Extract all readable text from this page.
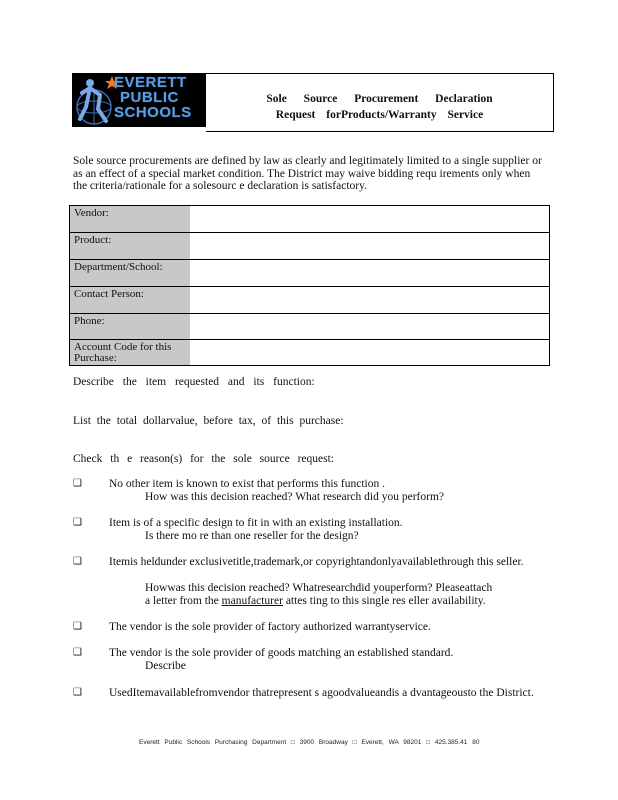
EVERETT
PUBLIC
SCHOOLS
Sole Source Procurement Declaration
Request forProducts/Warranty Service

Sole source procurements are defined by law as clearly and legitimately limited to a single supplier or as an effect of a special market condition. The District may waive bidding requ irements only when the criteria/rationale for a solesourc e declaration is satisfactory.

Vendor:
Product:
Department/School:
Contact Person:
Phone:
Account Code for this Purchase:
Describe the item requested and its function:
List the total dollarvalue, before tax, of this purchase:
Check th e reason(s) for the sole source request:
❑ No other item is known to exist that performs this function .
How was this decision reached? What research did you perform?
❑ Item is of a specific design to fit in with an existing installation.
Is there mo re than one reseller for the design?
❑ Itemis heldunder exclusivetitle,trademark,or copyrightandonlyavailablethrough this seller.
Howwas this decision reached? Whatresearchdid youperform? Pleaseattach
a letter from the manufacturer attes ting to this single res eller availability.
❑ The vendor is the sole provider of factory authorized warrantyservice.
❑ The vendor is the sole provider of goods matching an established standard.
Describe
❑ UsedItemavailablefromvendor thatrepresent s agoodvalueandis a dvantageousto the District.
Everett Public Schools Purchasing Department □ 3900 Broadway □ Everett, WA 98201 □ 425.385.41 80
